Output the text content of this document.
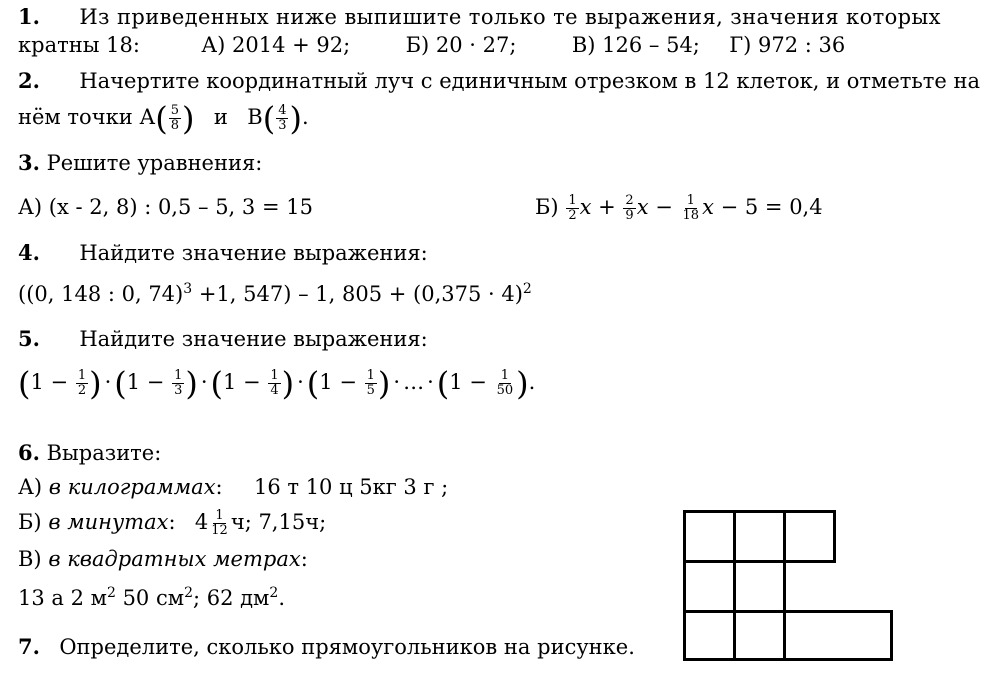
1. Из приведенных ниже выпишите только те выражения, значения которых
кратны 18:	А) 2014 + 92;	Б) 20 · 27;	В) 126 – 54; Г) 972 : 36
2. Начертите координатный луч с единичным отрезком в 12 клеток, и отметьте на
нём точки $А( \frac{5}{8}$ ) и $В( \frac{4}{3}$ ).
3. Решите уравнения:
А) (x - 2, 8) : 0,5 – 5, 3 = 15	$Б) \frac{1}{2}$ $x + \frac{2}{9}$ $x - \frac{1}{18}$ x − 5 = 0,4
4. Найдите значение выражения:
((0, 148 : 0, 74)$^3$ +1, 547) – 1, $805 + (0,375 \cdot 4)^2$
5. Найдите значение выражения:
($1 - \frac{1}{2}$ ) $\cdot(1 - \frac{1}{3}$ ) $\cdot(1 - \frac{1}{4}$ ) $\cdot(1 - \frac{1}{5}$ ) · … $\cdot(1 - \frac{1}{50}$ ).
6. Выразите:
А) в килограммах:  16 т 10 ц 5кг 3 г ;
Б) в минутах:  $4 \frac{1}{12} ч$; 7,15ч;
В) в квадратных метрах:
13 а 2 $м^2$ 50 $см^2$; 62 $дм^2$.
7. Определите, сколько прямоугольников на рисунке.
